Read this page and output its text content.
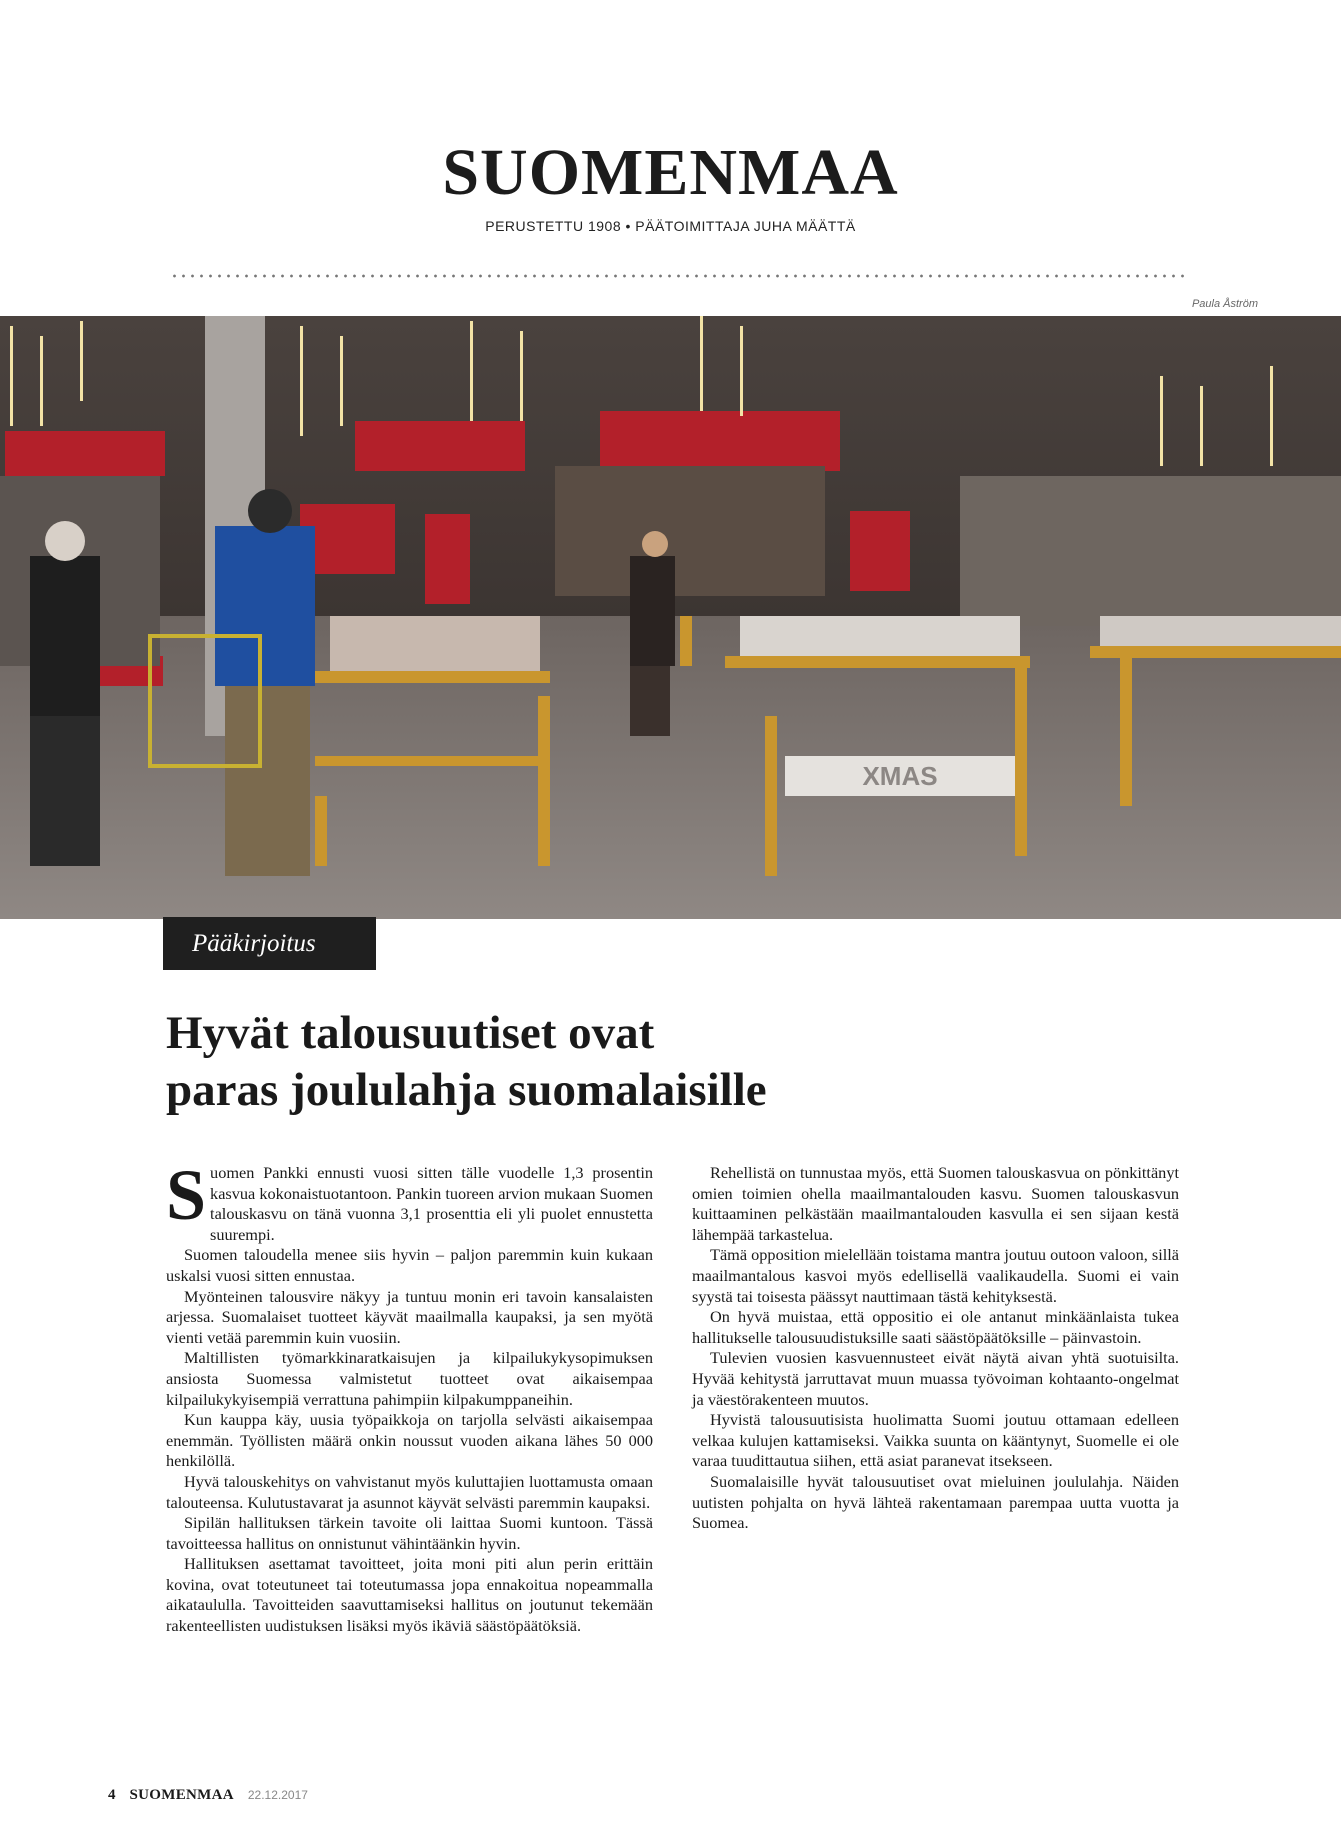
SUOMENMAA
PERUSTETTU 1908 • PÄÄTOIMITTAJA JUHA MÄÄTTÄ
Paula Åström
XMAS
Pääkirjoitus
Hyvät talousuutiset ovat
paras joululahja suomalaisille

Suomen Pankki ennusti vuosi sitten tälle vuodelle 1,3 prosentin kasvua kokonaistuotantoon. Pankin tuoreen arvion mukaan Suomen talouskasvu on tänä vuonna 3,1 prosenttia eli yli puolet ennustetta suurempi.

Suomen taloudella menee siis hyvin – paljon paremmin kuin kukaan uskalsi vuosi sitten ennustaa.

Myönteinen talousvire näkyy ja tuntuu monin eri tavoin kansalaisten arjessa. Suomalaiset tuotteet käyvät maailmalla kaupaksi, ja sen myötä vienti vetää paremmin kuin vuosiin.

Maltillisten työmarkkinaratkaisujen ja kilpailukykysopimuksen ansiosta Suomessa valmistetut tuotteet ovat aikaisempaa kilpailukykyisempiä verrattuna pahimpiin kilpakumppaneihin.

Kun kauppa käy, uusia työpaikkoja on tarjolla selvästi aikaisempaa enemmän. Työllisten määrä onkin noussut vuoden aikana lähes 50 000 henkilöllä.

Hyvä talouskehitys on vahvistanut myös kuluttajien luottamusta omaan talouteensa. Kulutustavarat ja asunnot käyvät selvästi paremmin kaupaksi.

Sipilän hallituksen tärkein tavoite oli laittaa Suomi kuntoon. Tässä tavoitteessa hallitus on onnistunut vähintäänkin hyvin.

Hallituksen asettamat tavoitteet, joita moni piti alun perin erittäin kovina, ovat toteutuneet tai toteutumassa jopa ennakoitua nopeammalla aikataululla. Tavoitteiden saavuttamiseksi hallitus on joutunut tekemään rakenteellisten uudistuksen lisäksi myös ikäviä säästöpäätöksiä.

Rehellistä on tunnustaa myös, että Suomen talouskasvua on pönkittänyt omien toimien ohella maailmantalouden kasvu. Suomen talouskasvun kuittaaminen pelkästään maailmantalouden kasvulla ei sen sijaan kestä lähempää tarkastelua.

Tämä opposition mielellään toistama mantra joutuu outoon valoon, sillä maailmantalous kasvoi myös edellisellä vaalikaudella. Suomi ei vain syystä tai toisesta päässyt nauttimaan tästä kehityksestä.

On hyvä muistaa, että oppositio ei ole antanut minkäänlaista tukea hallitukselle talousuudistuksille saati säästöpäätöksille – päinvastoin.

Tulevien vuosien kasvuennusteet eivät näytä aivan yhtä suotuisilta. Hyvää kehitystä jarruttavat muun muassa työvoiman kohtaanto-ongelmat ja väestörakenteen muutos.

Hyvistä talousuutisista huolimatta Suomi joutuu ottamaan edelleen velkaa kulujen kattamiseksi. Vaikka suunta on kääntynyt, Suomelle ei ole varaa tuudittautua siihen, että asiat paranevat itsekseen.

Suomalaisille hyvät talousuutiset ovat mieluinen joululahja. Näiden uutisten pohjalta on hyvä lähteä rakentamaan parempaa uutta vuotta ja Suomea.

4 SUOMENMAA 22.12.2017
